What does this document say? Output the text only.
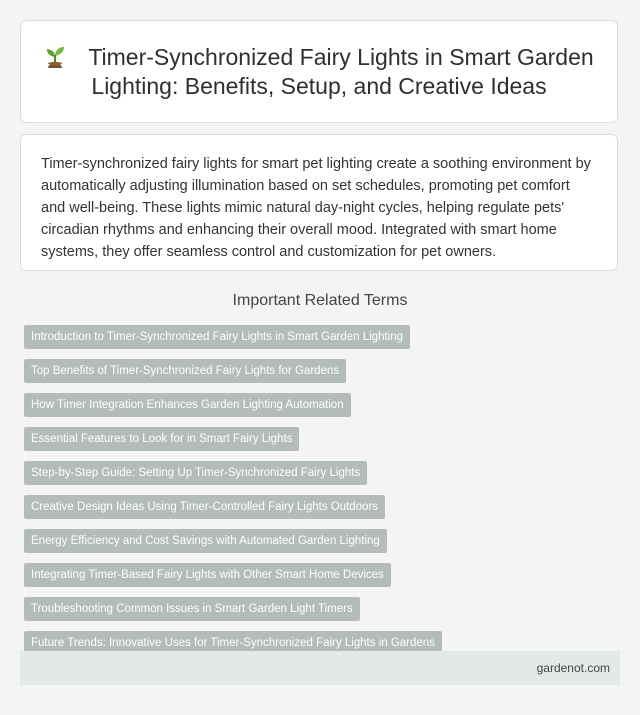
Timer-Synchronized Fairy Lights in Smart Garden Lighting: Benefits, Setup, and Creative Ideas

Timer-synchronized fairy lights for smart pet lighting create a soothing environment by automatically adjusting illumination based on set schedules, promoting pet comfort and well-being. These lights mimic natural day-night cycles, helping regulate pets' circadian rhythms and enhancing their overall mood. Integrated with smart home systems, they offer seamless control and customization for pet owners.

Important Related Terms
Introduction to Timer-Synchronized Fairy Lights in Smart Garden Lighting
Top Benefits of Timer-Synchronized Fairy Lights for Gardens
How Timer Integration Enhances Garden Lighting Automation
Essential Features to Look for in Smart Fairy Lights
Step-by-Step Guide: Setting Up Timer-Synchronized Fairy Lights
Creative Design Ideas Using Timer-Controlled Fairy Lights Outdoors
Energy Efficiency and Cost Savings with Automated Garden Lighting
Integrating Timer-Based Fairy Lights with Other Smart Home Devices
Troubleshooting Common Issues in Smart Garden Light Timers
Future Trends: Innovative Uses for Timer-Synchronized Fairy Lights in Gardens
gardenot.com
